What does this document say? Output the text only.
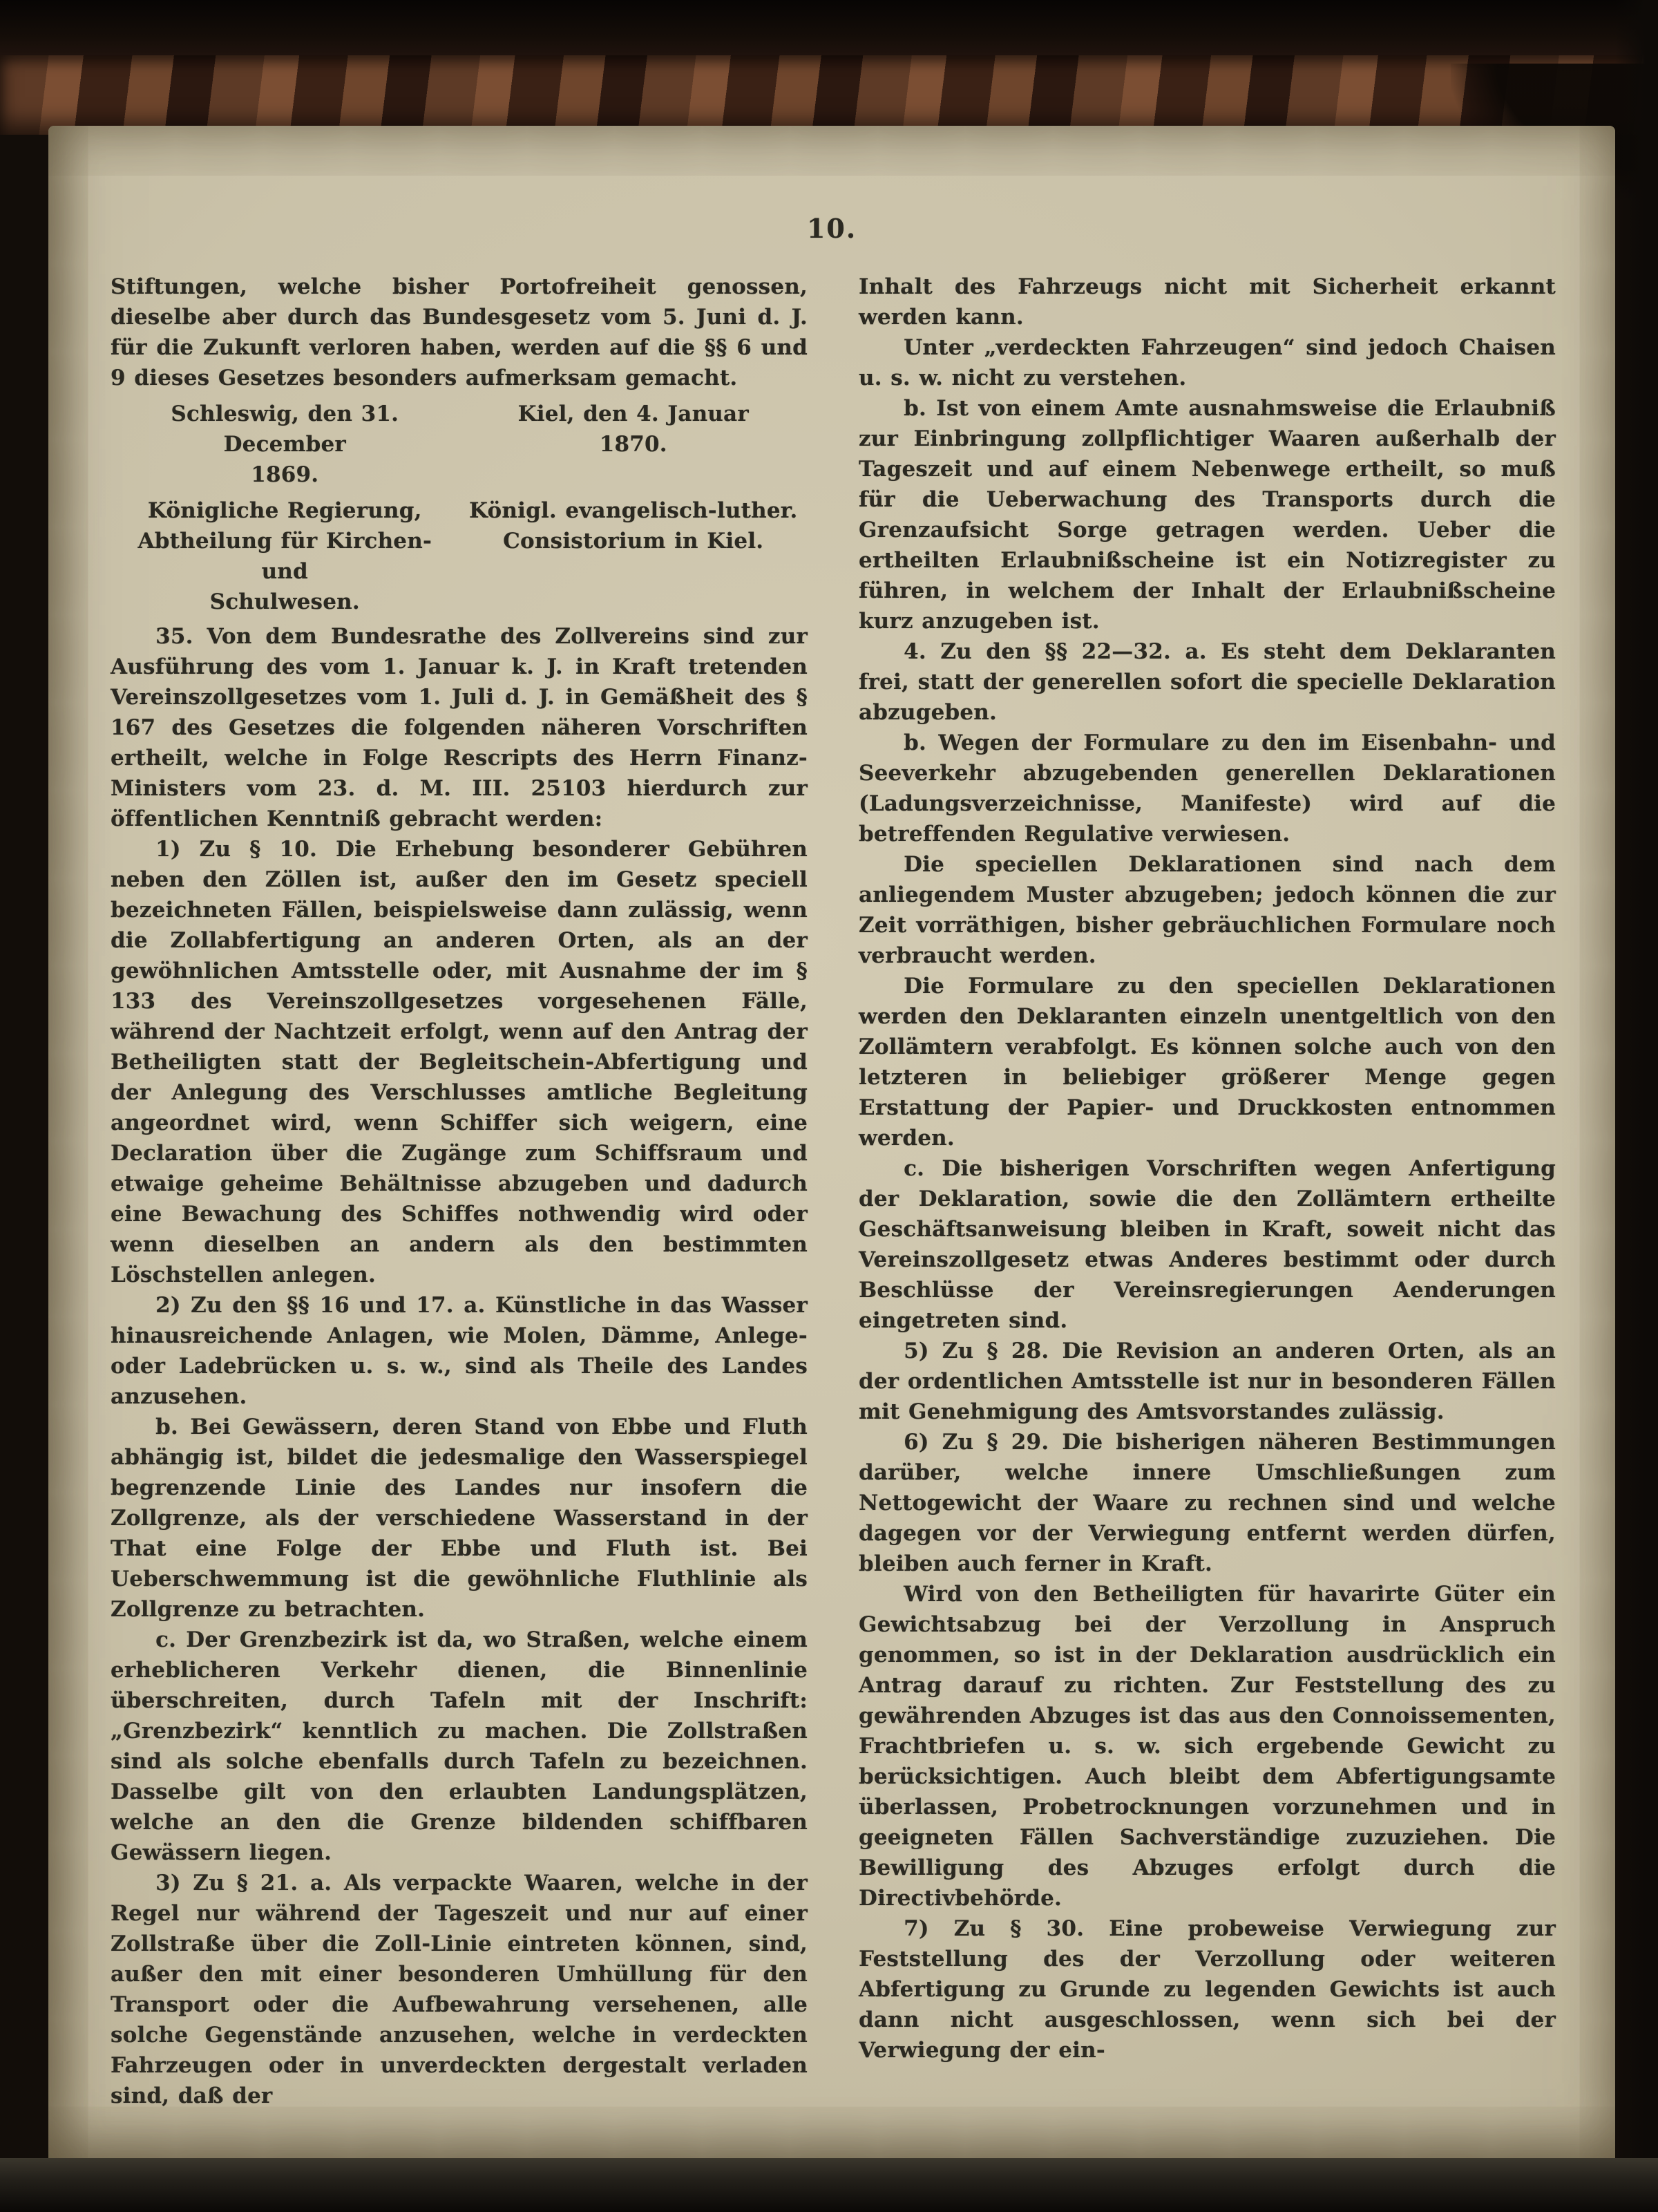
10.

Stiftungen, welche bisher Portofreiheit genossen, dieselbe aber durch das Bundesgesetz vom 5. Juni d. J. für die Zukunft verloren haben, werden auf die §§ 6 und 9 dieses Gesetzes besonders aufmerksam gemacht.

Schleswig, den 31. December
1869.
Kiel, den 4. Januar
1870.
Königliche Regierung,
Abtheilung für Kirchen- und
Schulwesen.
Königl. evangelisch-luther.
Consistorium in Kiel.

35. Von dem Bundesrathe des Zollvereins sind zur Ausführung des vom 1. Januar k. J. in Kraft tretenden Vereinszollgesetzes vom 1. Juli d. J. in Gemäßheit des § 167 des Gesetzes die folgenden näheren Vorschriften ertheilt, welche in Folge Rescripts des Herrn Finanz-Ministers vom 23. d. M. III. 25103 hierdurch zur öffentlichen Kenntniß gebracht werden:

1) Zu § 10. Die Erhebung besonderer Gebühren neben den Zöllen ist, außer den im Gesetz speciell bezeichneten Fällen, beispielsweise dann zulässig, wenn die Zollabfertigung an anderen Orten, als an der gewöhnlichen Amtsstelle oder, mit Ausnahme der im § 133 des Vereinszollgesetzes vorgesehenen Fälle, während der Nachtzeit erfolgt, wenn auf den Antrag der Betheiligten statt der Begleitschein-Abfertigung und der Anlegung des Verschlusses amtliche Begleitung angeordnet wird, wenn Schiffer sich weigern, eine Declaration über die Zugänge zum Schiffsraum und etwaige geheime Behältnisse abzugeben und dadurch eine Bewachung des Schiffes nothwendig wird oder wenn dieselben an andern als den bestimmten Löschstellen anlegen.

2) Zu den §§ 16 und 17. a. Künstliche in das Wasser hinausreichende Anlagen, wie Molen, Dämme, Anlege- oder Ladebrücken u. s. w., sind als Theile des Landes anzusehen.

b. Bei Gewässern, deren Stand von Ebbe und Fluth abhängig ist, bildet die jedesmalige den Wasserspiegel begrenzende Linie des Landes nur insofern die Zollgrenze, als der verschiedene Wasserstand in der That eine Folge der Ebbe und Fluth ist. Bei Ueberschwemmung ist die gewöhnliche Fluthlinie als Zollgrenze zu betrachten.

c. Der Grenzbezirk ist da, wo Straßen, welche einem erheblicheren Verkehr dienen, die Binnenlinie überschreiten, durch Tafeln mit der Inschrift: „Grenzbezirk“ kenntlich zu machen. Die Zollstraßen sind als solche ebenfalls durch Tafeln zu bezeichnen. Dasselbe gilt von den erlaubten Landungsplätzen, welche an den die Grenze bildenden schiffbaren Gewässern liegen.

3) Zu § 21. a. Als verpackte Waaren, welche in der Regel nur während der Tageszeit und nur auf einer Zollstraße über die Zoll-Linie eintreten können, sind, außer den mit einer besonderen Umhüllung für den Transport oder die Aufbewahrung versehenen, alle solche Gegenstände anzusehen, welche in verdeckten Fahrzeugen oder in unverdeckten dergestalt verladen sind, daß der

Inhalt des Fahrzeugs nicht mit Sicherheit erkannt werden kann.

Unter „verdeckten Fahrzeugen“ sind jedoch Chaisen u. s. w. nicht zu verstehen.

b. Ist von einem Amte ausnahmsweise die Erlaubniß zur Einbringung zollpflichtiger Waaren außerhalb der Tageszeit und auf einem Nebenwege ertheilt, so muß für die Ueberwachung des Transports durch die Grenzaufsicht Sorge getragen werden. Ueber die ertheilten Erlaubnißscheine ist ein Notizregister zu führen, in welchem der Inhalt der Erlaubnißscheine kurz anzugeben ist.

4. Zu den §§ 22—32. a. Es steht dem Deklaranten frei, statt der generellen sofort die specielle Deklaration abzugeben.

b. Wegen der Formulare zu den im Eisenbahn- und Seeverkehr abzugebenden generellen Deklarationen (Ladungsverzeichnisse, Manifeste) wird auf die betreffenden Regulative verwiesen.

Die speciellen Deklarationen sind nach dem anliegendem Muster abzugeben; jedoch können die zur Zeit vorräthigen, bisher gebräuchlichen Formulare noch verbraucht werden.

Die Formulare zu den speciellen Deklarationen werden den Deklaranten einzeln unentgeltlich von den Zollämtern verabfolgt. Es können solche auch von den letzteren in beliebiger größerer Menge gegen Erstattung der Papier- und Druckkosten entnommen werden.

c. Die bisherigen Vorschriften wegen Anfertigung der Deklaration, sowie die den Zollämtern ertheilte Geschäftsanweisung bleiben in Kraft, soweit nicht das Vereinszollgesetz etwas Anderes bestimmt oder durch Beschlüsse der Vereinsregierungen Aenderungen eingetreten sind.

5) Zu § 28. Die Revision an anderen Orten, als an der ordentlichen Amtsstelle ist nur in besonderen Fällen mit Genehmigung des Amtsvorstandes zulässig.

6) Zu § 29. Die bisherigen näheren Bestimmungen darüber, welche innere Umschließungen zum Nettogewicht der Waare zu rechnen sind und welche dagegen vor der Verwiegung entfernt werden dürfen, bleiben auch ferner in Kraft.

Wird von den Betheiligten für havarirte Güter ein Gewichtsabzug bei der Verzollung in Anspruch genommen, so ist in der Deklaration ausdrücklich ein Antrag darauf zu richten. Zur Feststellung des zu gewährenden Abzuges ist das aus den Connoissementen, Frachtbriefen u. s. w. sich ergebende Gewicht zu berücksichtigen. Auch bleibt dem Abfertigungsamte überlassen, Probetrocknungen vorzunehmen und in geeigneten Fällen Sachverständige zuzuziehen. Die Bewilligung des Abzuges erfolgt durch die Directivbehörde.

7) Zu § 30. Eine probeweise Verwiegung zur Feststellung des der Verzollung oder weiteren Abfertigung zu Grunde zu legenden Gewichts ist auch dann nicht ausgeschlossen, wenn sich bei der Verwiegung der ein-
